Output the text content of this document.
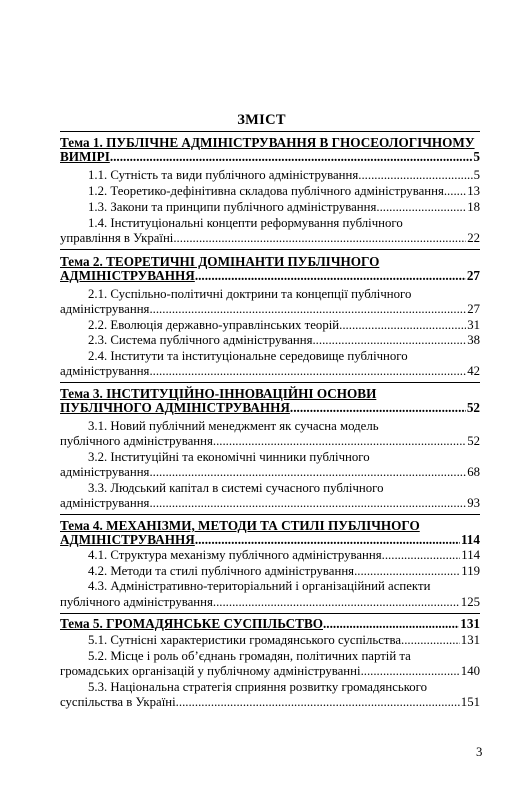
ЗМІСТ
Тема 1. ПУБЛІЧНЕ АДМІНІСТРУВАННЯ В ГНОСЕОЛОГІЧНОМУ
ВИМІРІ .....	5
1.1. Сутність та види публічного адміністрування .....	5
1.2. Теоретико-дефінітивна складова публічного адміністрування ..... 13
1.3. Закони та принципи публічного адміністрування .....	18
1.4. Інституціональні концепти реформування публічного
управління в Україні .....	22
Тема 2. ТЕОРЕТИЧНІ ДОМІНАНТИ ПУБЛІЧНОГО
АДМІНІСТРУВАННЯ .....	27
2.1. Суспільно-політичні доктрини та концепції публічного
адміністрування .....	27
2.2. Еволюція державно-управлінських теорій .....	31
2.3. Система публічного адміністрування .....	38
2.4. Інститути та інституціональне середовище публічного
адміністрування .....	42
Тема 3. ІНСТИТУЦІЙНО-ІННОВАЦІЙНІ ОСНОВИ
ПУБЛІЧНОГО АДМІНІСТРУВАННЯ .....	52
3.1. Новий публічний менеджмент як сучасна модель
публічного адміністрування .....	52
3.2. Інституційні та економічні чинники публічного
адміністрування .....	68
3.3. Людський капітал в системі сучасного публічного
адміністрування .....	93
Тема 4. МЕХАНІЗМИ, МЕТОДИ ТА СТИЛІ ПУБЛІЧНОГО
АДМІНІСТРУВАННЯ .....	114
4.1. Структура механізму публічного адміністрування .....	114
4.2. Методи та стилі публічного адміністрування .....	119
4.3. Адміністративно-територіальний і організаційний аспекти
публічного адміністрування .....	125
Тема 5. ГРОМАДЯНСЬКЕ СУСПІЛЬСТВО .....	131
5.1. Сутнісні характеристики громадянського суспільства .....	131
5.2. Місце і роль об’єднань громадян, політичних партій та
громадських організацій у публічному адмініструванні .....	140
5.3. Національна стратегія сприяння розвитку громадянського
суспільства в Україні .....	151
3
